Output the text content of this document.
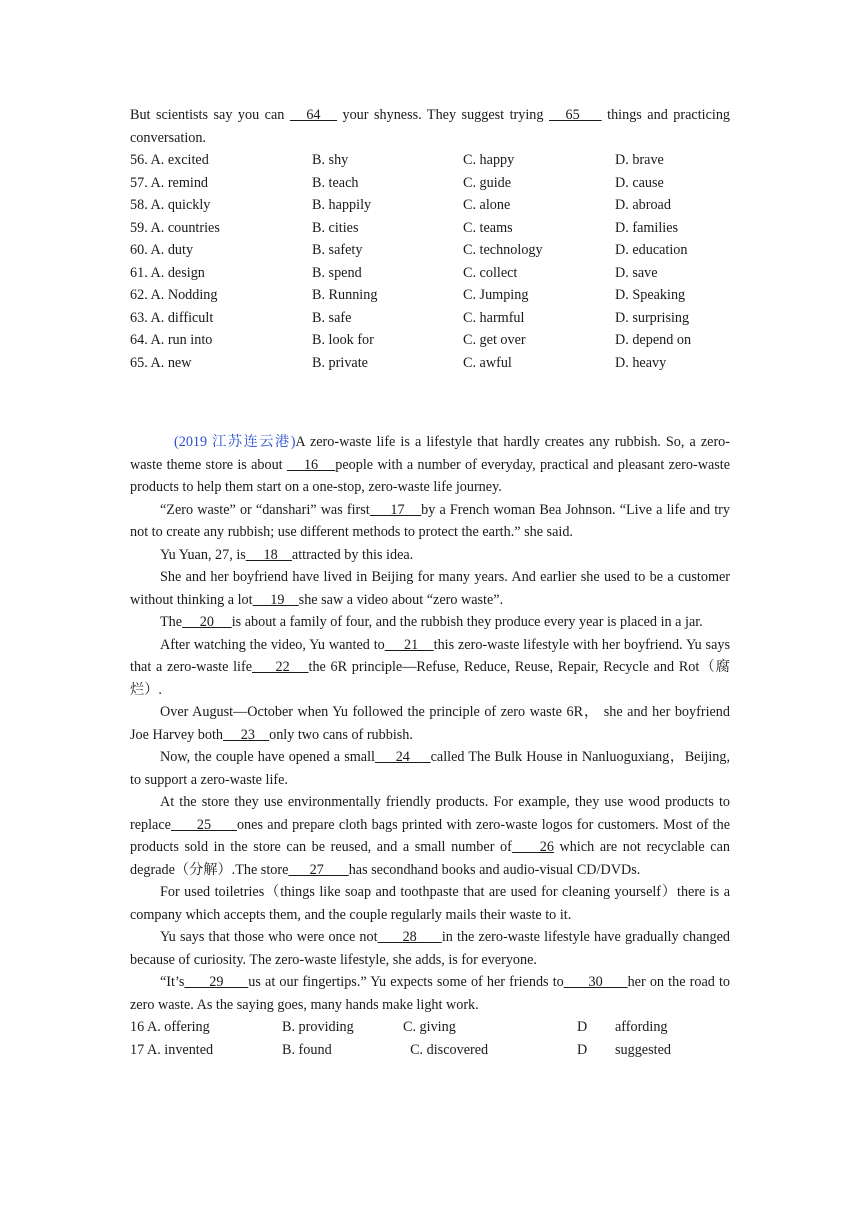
But scientists say you can    64    your shyness. They suggest trying    65     things and practicing conversation.

56. A. excited	B. shy	C. happy	D. brave
57. A. remind	B. teach	C. guide	D. cause
58. A. quickly	B. happily	C. alone	D. abroad
59. A. countries	B. cities	C. teams	D. families
60. A. duty	B. safety	C. technology	D. education
61. A. design	B. spend	C. collect	D. save
62. A. Nodding	B. Running	C. Jumping	D. Speaking
63. A. difficult	B. safe	C. harmful	D. surprising
64. A. run into	B. look for	C. get over	D. depend on
65. A. new	B. private	C. awful	D. heavy

(2019 江苏连云港)A zero-waste life is a lifestyle that hardly creates any rubbish. So, a zero-waste theme store is about     16    people with a number of everyday, practical and pleasant zero-waste products to help them start on a one-stop, zero-waste life journey.

“Zero waste” or “danshari” was first     17    by a French woman Bea Johnson. “Live a life and try not to create any rubbish; use different methods to protect the earth.” she said.

Yu Yuan, 27, is     18    attracted by this idea.

She and her boyfriend have lived in Beijing for many years. And earlier she used to be a customer without thinking a lot     19    she saw a video about “zero waste”.

The     20     is about a family of four, and the rubbish they produce every year is placed in a jar.

After watching the video, Yu wanted to     21    this zero-waste lifestyle with her boyfriend. Yu says that a zero-waste life     22    the 6R principle—Refuse, Reduce, Reuse, Repair, Recycle and Rot（腐烂）.

Over August—October when Yu followed the principle of zero waste 6R， she and her boyfriend Joe Harvey both     23    only two cans of rubbish.

Now, the couple have opened a small     24     called The Bulk House in Nanluoguxiang，Beijing, to support a zero-waste life.

At the store they use environmentally friendly products. For example, they use wood products to replace      25      ones and prepare cloth bags printed with zero-waste logos for customers. Most of the products sold in the store can be reused, and a small number of     26 which are not recyclable can degrade（分解）.The store      27       has secondhand books and audio-visual CD/DVDs.

For used toiletries（things like soap and toothpaste that are used for cleaning yourself）there is a company which accepts them, and the couple regularly mails their waste to it.

Yu says that those who were once not      28      in the zero-waste lifestyle have gradually changed because of curiosity. The zero-waste lifestyle, she adds, is for everyone.

“It’s      29      us at our fingertips.” Yu expects some of her friends to      30      her on the road to zero waste. As the saying goes, many hands make light work.

16 A. offering	B. providing	C. giving	D	affording
17 A. invented	B. found	C. discovered	D	suggested
